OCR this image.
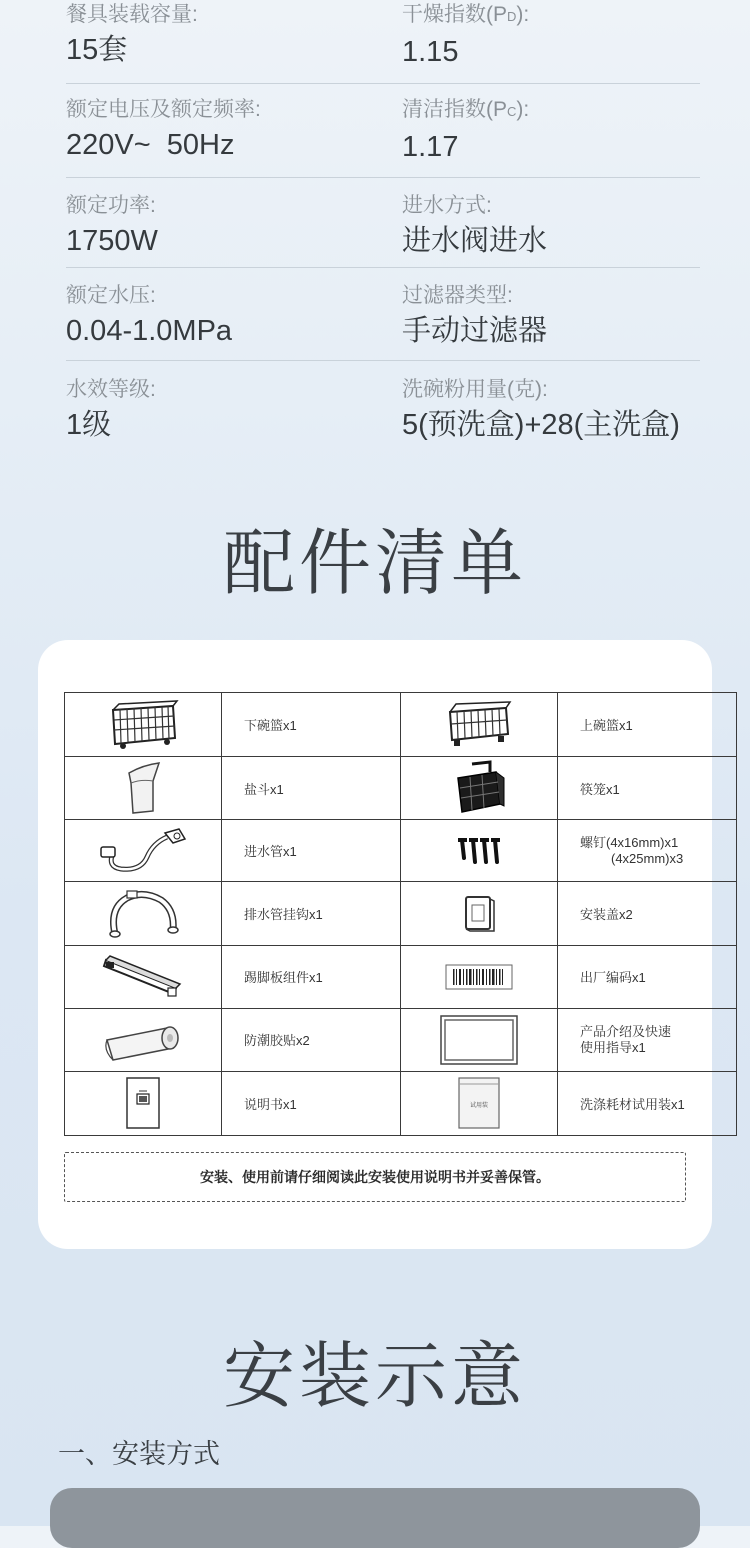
餐具装载容量:
15套
干燥指数(PD):
1.15
额定电压及额定频率:
220V~  50Hz
清洁指数(PC):
1.17
额定功率:
1750W
进水方式:
进水阀进水
额定水压:
0.04-1.0MPa
过滤器类型:
手动过滤器
水效等级:
1级
洗碗粉用量(克):
5(预洗盒)+28(主洗盒)
配件清单
	下碗篮x1		上碗篮x1

	盐斗x1		筷笼x1

	进水管x1		螺钉(4x16mm)x1
(4x25mm)x3

	排水管挂钩x1		安装盖x2

	踢脚板组件x1		出厂编码x1

	防潮胶贴x2		产品介绍及快速
使用指导x1

	说明书x1	试用装	洗涤耗材试用装x1
安装、使用前请仔细阅读此安装使用说明书并妥善保管。
安装示意
一、安装方式
